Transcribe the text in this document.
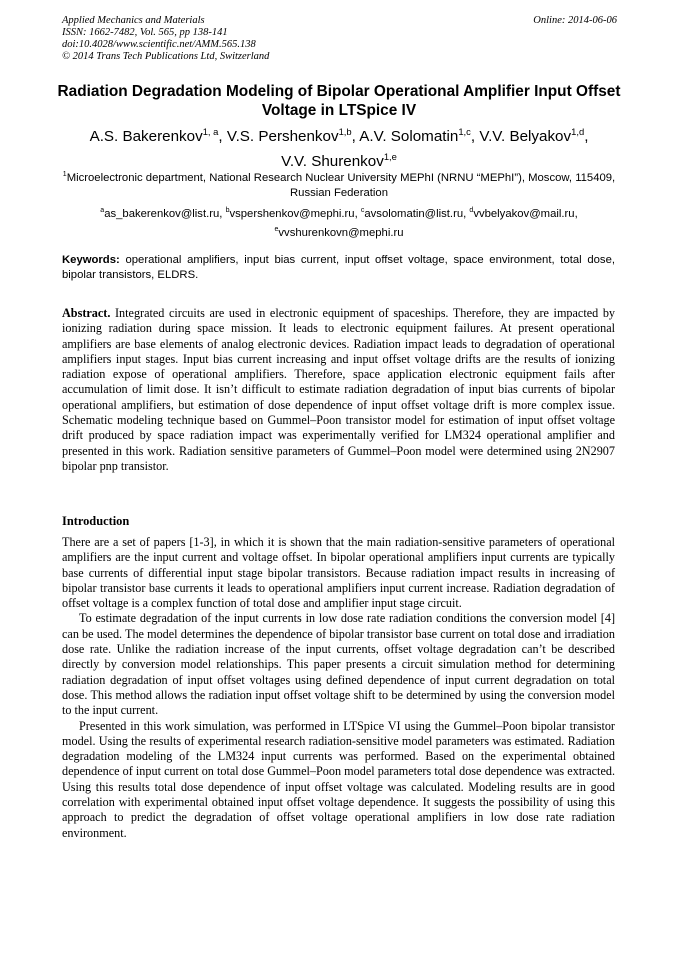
Applied Mechanics and Materials
ISSN: 1662-7482, Vol. 565, pp 138-141
doi:10.4028/www.scientific.net/AMM.565.138
© 2014 Trans Tech Publications Ltd, Switzerland
Online: 2014-06-06
Radiation Degradation Modeling of Bipolar Operational Amplifier Input Offset Voltage in LTSpice IV
A.S. Bakerenkov$^{1, a}$, V.S. Pershenkov$^{1,b}$, A.V. Solomatin$^{1,c}$, V.V. Belyakov$^{1,d}$,
V.V. Shurenkov$^{1,e}$
$^1$Microelectronic department, National Research Nuclear University MEPhI (NRNU “MEPhI”), Moscow, 115409, Russian Federation
$^a$as_bakerenkov@list.ru, $^b$vspershenkov@mephi.ru, $^c$avsolomatin@list.ru, $^d$vvbelyakov@mail.ru,
$^e$vvshurenkovn@mephi.ru
Keywords: operational amplifiers, input bias current, input offset voltage, space environment, total dose, bipolar transistors, ELDRS.
Abstract. Integrated circuits are used in electronic equipment of spaceships. Therefore, they are impacted by ionizing radiation during space mission. It leads to electronic equipment failures. At present operational amplifiers are base elements of analog electronic devices. Radiation impact leads to degradation of operational amplifiers input stages. Input bias current increasing and input offset voltage drifts are the results of ionizing radiation expose of operational amplifiers. Therefore, space application electronic equipment fails after accumulation of limit dose. It isn’t difficult to estimate radiation degradation of input bias currents of bipolar operational amplifiers, but estimation of dose dependence of input offset voltage drift is more complex issue. Schematic modeling technique based on Gummel–Poon transistor model for estimation of input offset voltage drift produced by space radiation impact was experimentally verified for LM324 operational amplifier and presented in this work. Radiation sensitive parameters of Gummel–Poon model were determined using 2N2907 bipolar pnp transistor.
Introduction

There are a set of papers [1-3], in which it is shown that the main radiation-sensitive parameters of operational amplifiers are the input current and voltage offset. In bipolar operational amplifiers input currents are typically base currents of differential input stage bipolar transistors. Because radiation impact results in increasing of bipolar transistor base currents it leads to operational amplifiers input current increase. Radiation degradation of offset voltage is a complex function of total dose and amplifier input stage circuit.

To estimate degradation of the input currents in low dose rate radiation conditions the conversion model [4] can be used. The model determines the dependence of bipolar transistor base current on total dose and irradiation dose rate. Unlike the radiation increase of the input currents, offset voltage degradation can’t be described directly by conversion model relationships. This paper presents a circuit simulation method for determining radiation degradation of input offset voltages using defined dependence of input current degradation on total dose. This method allows the radiation input offset voltage shift to be determined by using the conversion model to the input current.

Presented in this work simulation, was performed in LTSpice VI using the Gummel–Poon bipolar transistor model. Using the results of experimental research radiation-sensitive model parameters was estimated. Radiation degradation modeling of the LM324 input currents was performed. Based on the experimental obtained dependence of input current on total dose Gummel–Poon model parameters total dose dependence was extracted. Using this results total dose dependence of input offset voltage was calculated. Modeling results are in good correlation with experimental obtained input offset voltage dependence. It suggests the possibility of using this approach to predict the degradation of offset voltage operational amplifiers in low dose rate radiation environment.
